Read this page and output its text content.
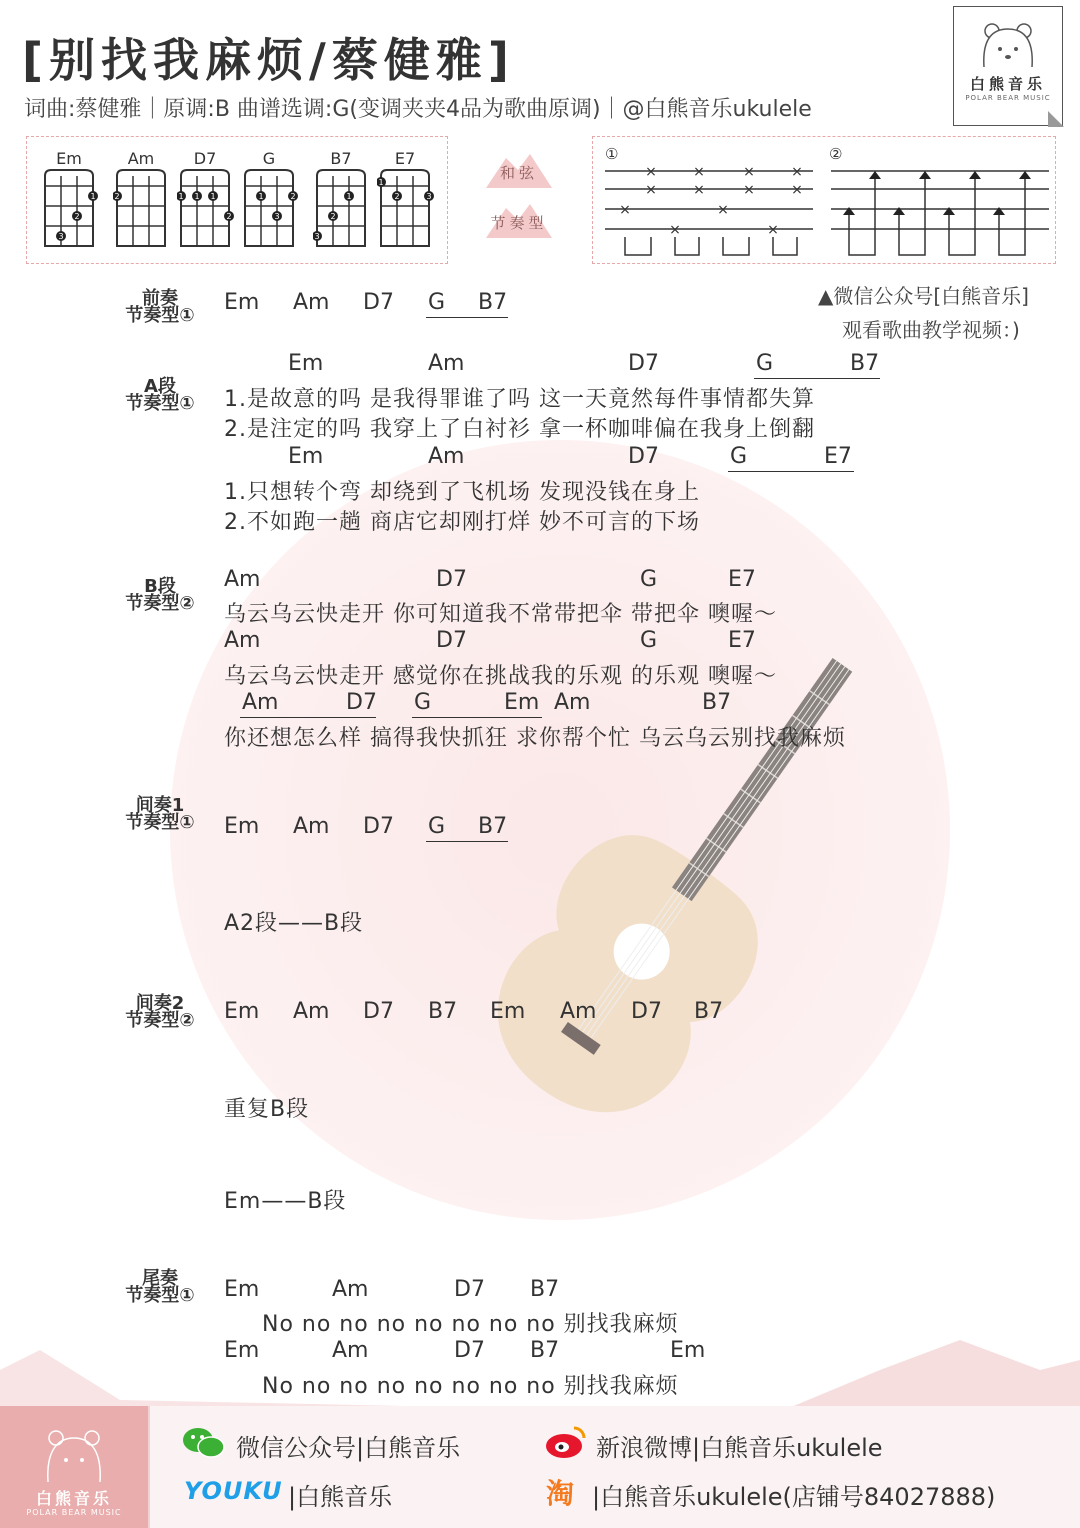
[别找我麻烦/蔡健雅]
词曲:蔡健雅｜原调:B 曲谱选调:G(变调夹夹4品为歌曲原调)｜@白熊音乐ukulele
白熊音乐
POLAR BEAR MUSIC
Em
1
2
3
Am
2
D7
1 1 1
2
G
1	2
3
B7
1
2
3
E7
1
2	3
和弦
节奏型
①	②
×
×
×
×
×
×
×
×
×	×
×	×
▲微信公众号[白熊音乐]
观看歌曲教学视频：)
前奏
节奏型①
Em Am D7 G B7
A段
节奏型①
Em	Am	D7	G	B7
1.是故意的吗 是我得罪谁了吗 这一天竟然每件事情都失算
2.是注定的吗 我穿上了白衬衫 拿一杯咖啡偏在我身上倒翻
Em	Am	D7	G	E7
1.只想转个弯 却绕到了飞机场 发现没钱在身上
2.不如跑一趟 商店它却刚打烊 妙不可言的下场
B段
节奏型②
Am	D7	G	E7
乌云乌云快走开 你可知道我不常带把伞 带把伞 噢喔～
Am	D7	G	E7
乌云乌云快走开 感觉你在挑战我的乐观 的乐观 噢喔～
Am	D7 G	Em Am	B7
你还想怎么样 搞得我快抓狂 求你帮个忙 乌云乌云别找我麻烦
间奏1
节奏型①	Em Am D7 G B7
A2段——B段
间奏2
节奏型②	Em Am D7 B7 Em Am D7 B7
重复B段
Em——B段
尾奏
节奏型①	Em	Am	D7 B7
No no no no no no no no 别找我麻烦
Em	Am	D7 B7	Em
No no no no no no no no 别找我麻烦
白熊音乐
POLAR BEAR MUSIC
微信公众号|白熊音乐	新浪微博|白熊音乐ukulele
YOUKU |白熊音乐	淘 |白熊音乐ukulele(店铺号84027888)
